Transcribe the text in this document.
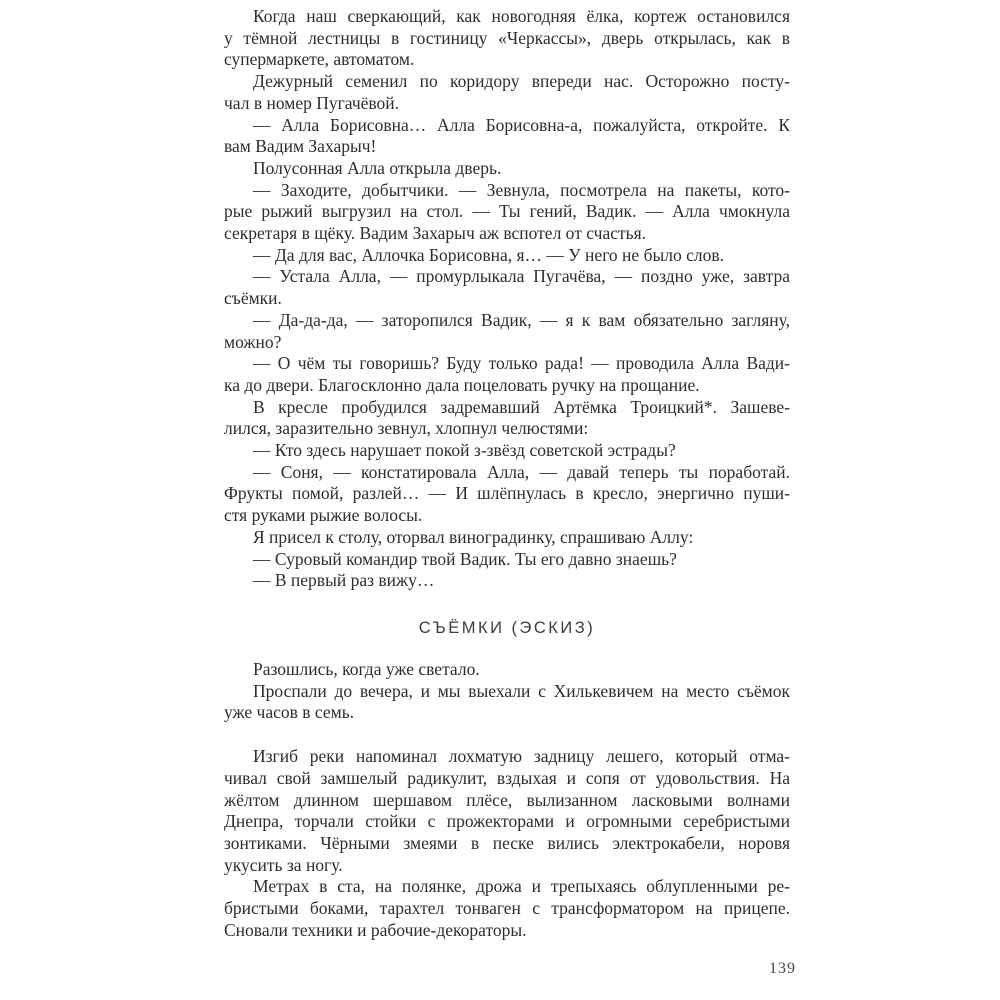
Когда наш сверкающий, как новогодняя ёлка, кортеж остановился
у тёмной лестницы в гостиницу «Черкассы», дверь открылась, как в
супермаркете, автоматом.
Дежурный семенил по коридору впереди нас. Осторожно посту-
чал в номер Пугачёвой.
— Алла Борисовна… Алла Борисовна-а, пожалуйста, откройте. К
вам Вадим Захарыч!
Полусонная Алла открыла дверь.
— Заходите, добытчики. — Зевнула, посмотрела на пакеты, кото-
рые рыжий выгрузил на стол. — Ты гений, Вадик. — Алла чмокнула
секретаря в щёку. Вадим Захарыч аж вспотел от счастья.
— Да для вас, Аллочка Борисовна, я… — У него не было слов.
— Устала Алла, — промурлыкала Пугачёва, — поздно уже, завтра
съёмки.
— Да-да-да, — заторопился Вадик, — я к вам обязательно загляну,
можно?
— О чём ты говоришь? Буду только рада! — проводила Алла Вади-
ка до двери. Благосклонно дала поцеловать ручку на прощание.
В кресле пробудился задремавший Артёмка Троицкий*. Зашеве-
лился, заразительно зевнул, хлопнул челюстями:
— Кто здесь нарушает покой з-звёзд советской эстрады?
— Соня, — констатировала Алла, — давай теперь ты поработай.
Фрукты помой, разлей… — И шлёпнулась в кресло, энергично пуши-
стя руками рыжие волосы.
Я присел к столу, оторвал виноградинку, спрашиваю Аллу:
— Суровый командир твой Вадик. Ты его давно знаешь?
— В первый раз вижу…
СЪЁМКИ (ЭСКИЗ)
Разошлись, когда уже светало.
Проспали до вечера, и мы выехали с Хилькевичем на место съёмок
уже часов в семь.
Изгиб реки напоминал лохматую задницу лешего, который отма-
чивал свой замшелый радикулит, вздыхая и сопя от удовольствия. На
жёлтом длинном шершавом плёсе, вылизанном ласковыми волнами
Днепра, торчали стойки с прожекторами и огромными серебристыми
зонтиками. Чёрными змеями в песке вились электрокабели, норовя
укусить за ногу.
Метрах в ста, на полянке, дрожа и трепыхаясь облупленными ре-
бристыми боками, тарахтел тонваген с трансформатором на прицепе.
Сновали техники и рабочие-декораторы.
139
